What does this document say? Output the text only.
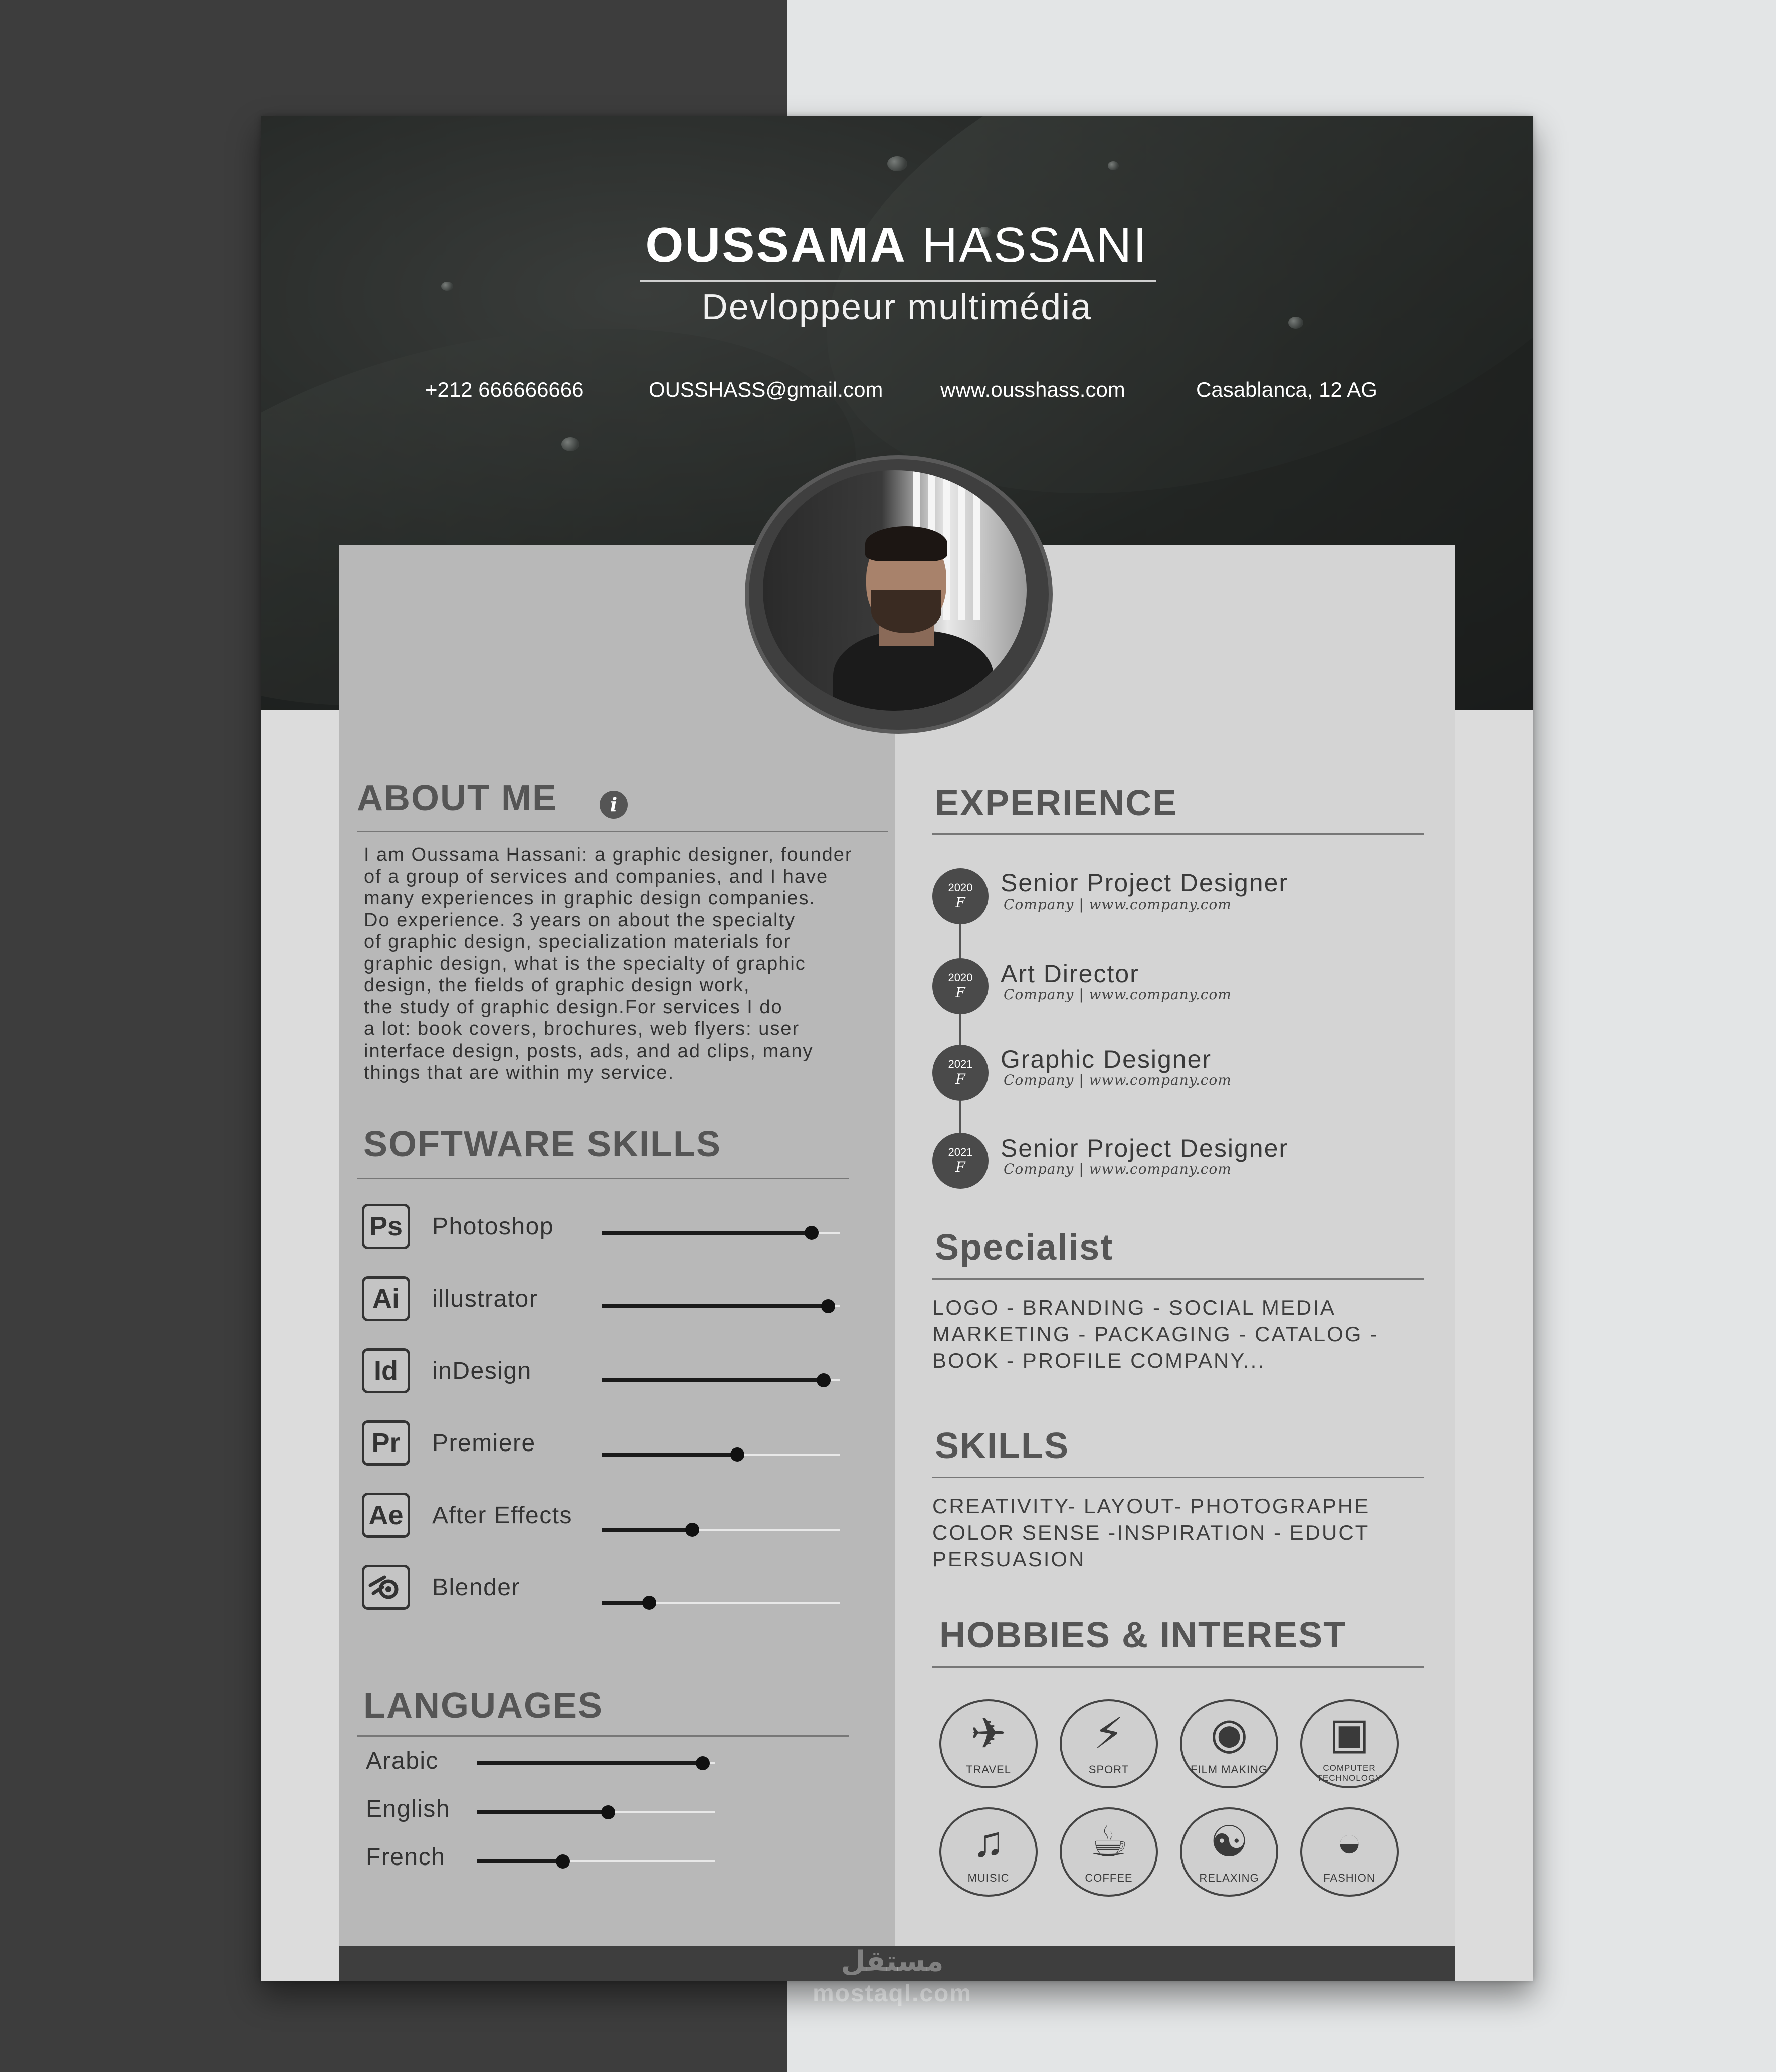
OUSSAMA HASSANI
Devloppeur multimédia
+212 666666666	OUSSHASS@gmail.com	www.ousshass.com	Casablanca, 12 AG
ABOUT ME	i
I am Oussama Hassani: a graphic designer, founder
of a group of services and companies, and I have
many experiences in graphic design companies.
Do experience. 3 years on about the specialty
of graphic design, specialization materials for
graphic design, what is the specialty of graphic
design, the fields of graphic design work,
the study of graphic design.For services I do
a lot: book covers, brochures, web flyers: user
interface design, posts, ads, and ad clips, many
things that are within my service.
SOFTWARE SKILLS
Ps	Photoshop
Ai	illustrator
Id	inDesign
Pr	Premiere
Ae After Effects
Blender
LANGUAGES
Arabic
English
French
EXPERIENCE
2020
F
Senior Project Designer
Company | www.company.com
2020
F
Art Director
Company | www.company.com
2021
F
Graphic Designer
Company | www.company.com
2021
F
Senior Project Designer
Company | www.company.com
Specialist
LOGO - BRANDING - SOCIAL MEDIA
MARKETING - PACKAGING - CATALOG -
BOOK - PROFILE COMPANY...
SKILLS
CREATIVITY- LAYOUT- PHOTOGRAPHE
COLOR SENSE -INSPIRATION - EDUCT
PERSUASION
HOBBIES & INTEREST
✈
TRAVEL
⚡
SPORT
◉
FILM MAKING
▣
COMPUTER TECHNOLOGY
♫
MUISIC
☕
COFFEE
☯
RELAXING
◒
FASHION
مستقل
mostaql.com
